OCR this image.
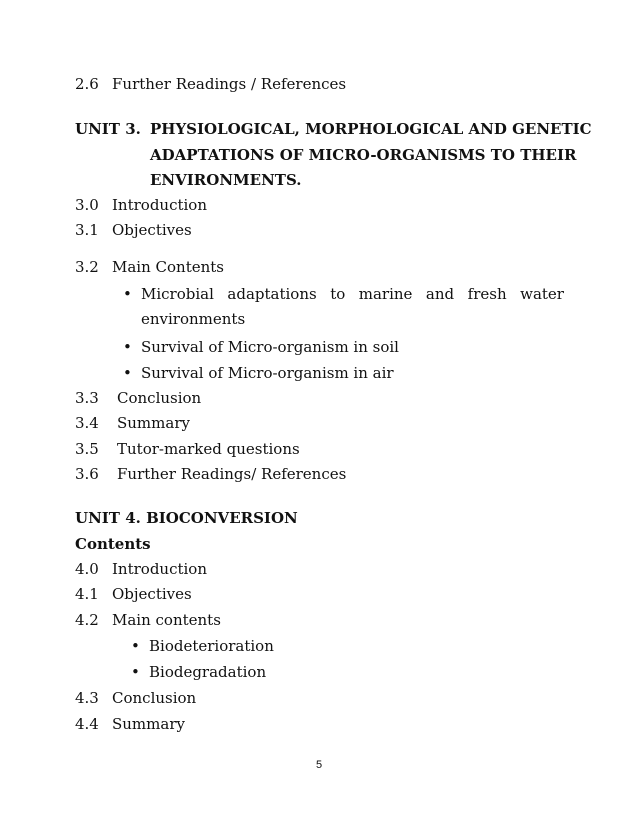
2.6 Further Readings / References
UNIT 3. PHYSIOLOGICAL, MORPHOLOGICAL AND GENETIC
ADAPTATIONS OF MICRO-ORGANISMS TO THEIR
ENVIRONMENTS.
3.0 Introduction
3.1 Objectives
3.2 Main Contents
• Microbial adaptations to marine and fresh water
environments
• Survival of Micro-organism in soil
• Survival of Micro-organism in air
3.3 Conclusion
3.4 Summary
3.5 Tutor-marked questions
3.6 Further Readings/ References
UNIT 4. BIOCONVERSION
Contents
4.0 Introduction
4.1 Objectives
4.2 Main contents
• Biodeterioration
• Biodegradation
4.3 Conclusion
4.4 Summary
5
